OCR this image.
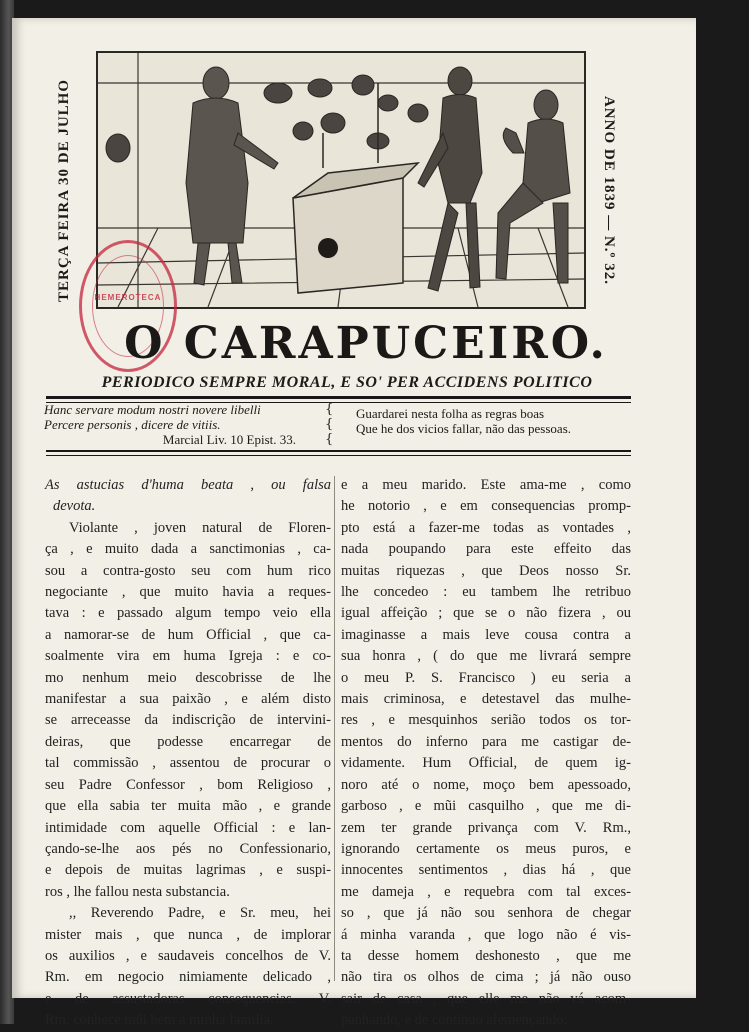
TERÇA FEIRA 30 DE JULHO	ANNO DE 1839 — N.º 32.
HEMEROTECA
O CARAPUCEIRO.
PERIODICO SEMPRE MORAL, E SO' PER ACCIDENS POLITICO
Hanc servare modum nostri novere libelli
Percere personis , dicere de vitiis.
Marcial Liv. 10 Epist. 33.
{
{
{
Guardarei nesta folha as regras boas
Que he dos vicios fallar, não das pessoas.
As astucias d'huma beata , ou falsa
devota.
Violante , joven natural de Floren-
ça , e muito dada a sanctimonias , ca-
sou a contra-gosto seu com hum rico
negociante , que muito havia a reques-
tava : e passado algum tempo veio ella
a namorar-se de hum Official , que ca-
soalmente vira em huma Igreja : e co-
mo nenhum meio descobrisse de lhe
manifestar a sua paixão , e além disto
se arreceasse da indiscrição de intervini-
deiras, que podesse encarregar de
tal commissão , assentou de procurar o
seu Padre Confessor , bom Religioso ,
que ella sabia ter muita mão , e grande
intimidade com aquelle Official : e lan-
çando-se-lhe aos pés no Confessionario,
e depois de muitas lagrimas , e suspi-
ros , lhe fallou nesta substancia.
,, Reverendo Padre, e Sr. meu, hei
mister mais , que nunca , de implorar
os auxilios , e saudaveis concelhos de V.
Rm. em negocio nimiamente delicado ,
e de assustadoras consequencias. V.
Rm. conhece mũi bem a minha familia,
e a meu marido. Este ama-me , como
he notorio , e em consequencias promp-
pto está a fazer-me todas as vontades ,
nada poupando para este effeito das
muitas riquezas , que Deos nosso Sr.
lhe concedeo : eu tambem lhe retribuo
igual affeição ; que se o não fizera , ou
imaginasse a mais leve cousa contra a
sua honra , ( do que me livrará sempre
o meu P. S. Francisco ) eu seria a
mais criminosa, e detestavel das mulhe-
res , e mesquinhos serião todos os tor-
mentos do inferno para me castigar de-
vidamente. Hum Official, de quem ig-
noro até o nome, moço bem apessoado,
garboso , e mũi casquilho , que me di-
zem ter grande privança com V. Rm.,
ignorando certamente os meus puros, e
innocentes sentimentos , dias há , que
me dameja , e requebra com tal exces-
so , que já não sou senhora de chegar
á minha varanda , que logo não é vis-
ta desse homem deshonesto , que me
não tira os olhos de cima ; já não ouso
sair de casa , que elle me não vá acom-
panhando, e de continuo afemençando;
